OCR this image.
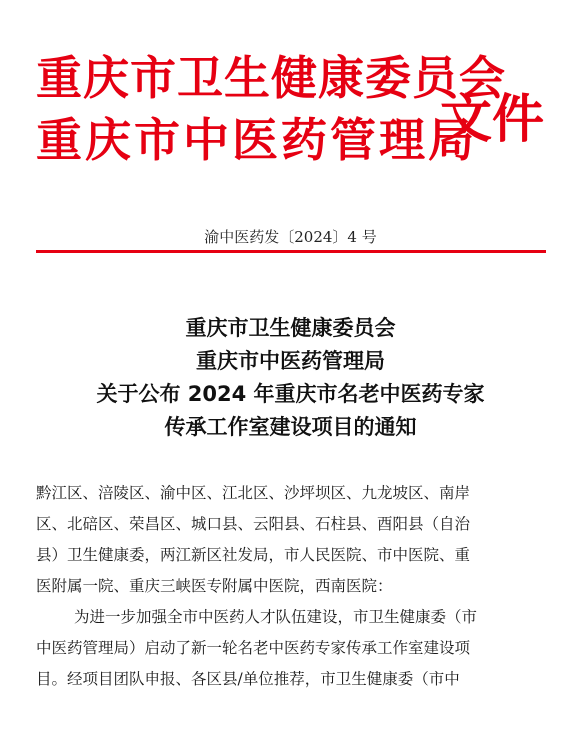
重庆市卫生健康委员会
重庆市中医药管理局
文件
渝中医药发〔2024〕4 号
重庆市卫生健康委员会
重庆市中医药管理局
关于公布 2024 年重庆市名老中医药专家
传承工作室建设项目的通知
黔江区、涪陵区、渝中区、江北区、沙坪坝区、九龙坡区、南岸
区、北碚区、荣昌区、城口县、云阳县、石柱县、酉阳县（自治
县）卫生健康委，两江新区社发局，市人民医院、市中医院、重
医附属一院、重庆三峡医专附属中医院，西南医院：
为进一步加强全市中医药人才队伍建设，市卫生健康委（市
中医药管理局）启动了新一轮名老中医药专家传承工作室建设项
目。经项目团队申报、各区县/单位推荐，市卫生健康委（市中
